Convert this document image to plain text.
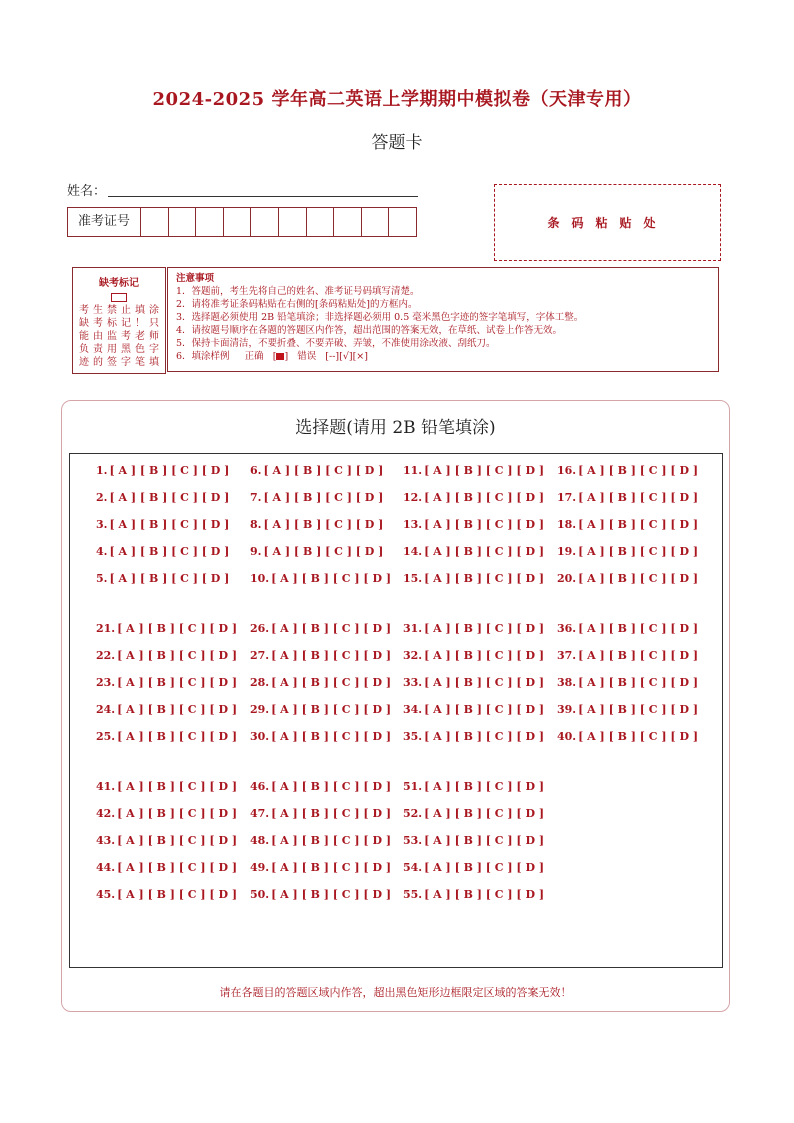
2024-2025 学年高二英语上学期期中模拟卷（天津专用）
答题卡
姓名：
准考证号	条码粘贴处
缺考标记
考生禁止填涂
缺考标记！只
能由监考老师
负责用黑色字
迹的签字笔填
注意事项
1．答题前，考生先将自己的姓名、准考证号码填写清楚。
2．请将准考证条码粘贴在右侧的[条码粘贴处]的方框内。
3．选择题必须使用 2B 铅笔填涂；非选择题必须用 0.5 毫米黑色字迹的签字笔填写，字体工整。
4．请按题号顺序在各题的答题区内作答，超出范围的答案无效，在草纸、试卷上作答无效。
5．保持卡面清洁，不要折叠、不要弄破、弄皱，不准使用涂改液、刮纸刀。
6．填涂样例 正确   [ ]   错误 [--][√][×]
选择题(请用 2B 铅笔填涂)
1. [ A ] [ B ] [ C ] [ D ]
2. [ A ] [ B ] [ C ] [ D ]
3. [ A ] [ B ] [ C ] [ D ]
4. [ A ] [ B ] [ C ] [ D ]
5. [ A ] [ B ] [ C ] [ D ]
6. [ A ] [ B ] [ C ] [ D ]
7. [ A ] [ B ] [ C ] [ D ]
8. [ A ] [ B ] [ C ] [ D ]
9. [ A ] [ B ] [ C ] [ D ]
10. [ A ] [ B ] [ C ] [ D ]
11. [ A ] [ B ] [ C ] [ D ]
12. [ A ] [ B ] [ C ] [ D ]
13. [ A ] [ B ] [ C ] [ D ]
14. [ A ] [ B ] [ C ] [ D ]
15. [ A ] [ B ] [ C ] [ D ]
16. [ A ] [ B ] [ C ] [ D ]
17. [ A ] [ B ] [ C ] [ D ]
18. [ A ] [ B ] [ C ] [ D ]
19. [ A ] [ B ] [ C ] [ D ]
20. [ A ] [ B ] [ C ] [ D ]
21. [ A ] [ B ] [ C ] [ D ]
22. [ A ] [ B ] [ C ] [ D ]
23. [ A ] [ B ] [ C ] [ D ]
24. [ A ] [ B ] [ C ] [ D ]
25. [ A ] [ B ] [ C ] [ D ]
26. [ A ] [ B ] [ C ] [ D ]
27. [ A ] [ B ] [ C ] [ D ]
28. [ A ] [ B ] [ C ] [ D ]
29. [ A ] [ B ] [ C ] [ D ]
30. [ A ] [ B ] [ C ] [ D ]
31. [ A ] [ B ] [ C ] [ D ]
32. [ A ] [ B ] [ C ] [ D ]
33. [ A ] [ B ] [ C ] [ D ]
34. [ A ] [ B ] [ C ] [ D ]
35. [ A ] [ B ] [ C ] [ D ]
36. [ A ] [ B ] [ C ] [ D ]
37. [ A ] [ B ] [ C ] [ D ]
38. [ A ] [ B ] [ C ] [ D ]
39. [ A ] [ B ] [ C ] [ D ]
40. [ A ] [ B ] [ C ] [ D ]
41. [ A ] [ B ] [ C ] [ D ]
42. [ A ] [ B ] [ C ] [ D ]
43. [ A ] [ B ] [ C ] [ D ]
44. [ A ] [ B ] [ C ] [ D ]
45. [ A ] [ B ] [ C ] [ D ]
46. [ A ] [ B ] [ C ] [ D ]
47. [ A ] [ B ] [ C ] [ D ]
48. [ A ] [ B ] [ C ] [ D ]
49. [ A ] [ B ] [ C ] [ D ]
50. [ A ] [ B ] [ C ] [ D ]
51. [ A ] [ B ] [ C ] [ D ]
52. [ A ] [ B ] [ C ] [ D ]
53. [ A ] [ B ] [ C ] [ D ]
54. [ A ] [ B ] [ C ] [ D ]
55. [ A ] [ B ] [ C ] [ D ]
请在各题目的答题区域内作答，超出黑色矩形边框限定区域的答案无效！
